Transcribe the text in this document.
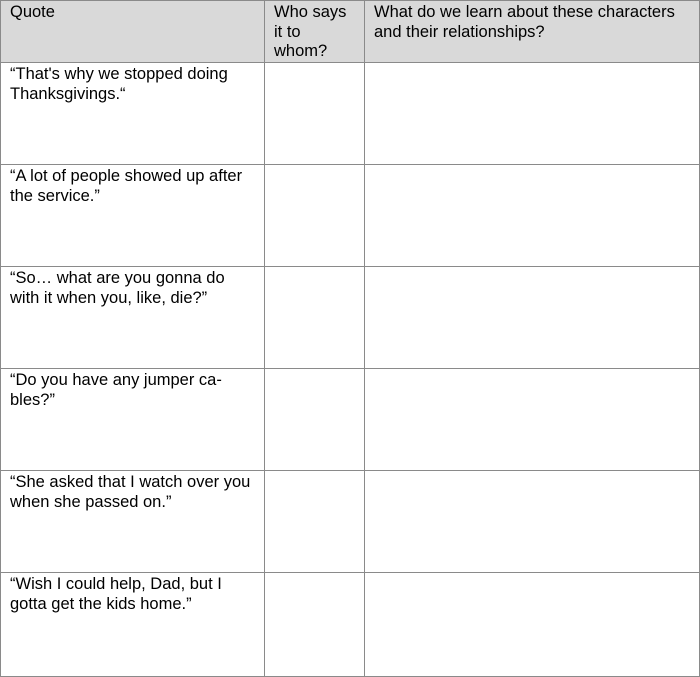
Quote	Who says it to whom?	What do we learn about these characters and their relationships?
“That's why we stopped doing Thanksgivings.“		
“A lot of people showed up after the service.”		
“So… what are you gonna do with it when you, like, die?”		
“Do you have any jumper ca-bles?”		
“She asked that I watch over you when she passed on.”		
“Wish I could help, Dad, but I gotta get the kids home.”		
